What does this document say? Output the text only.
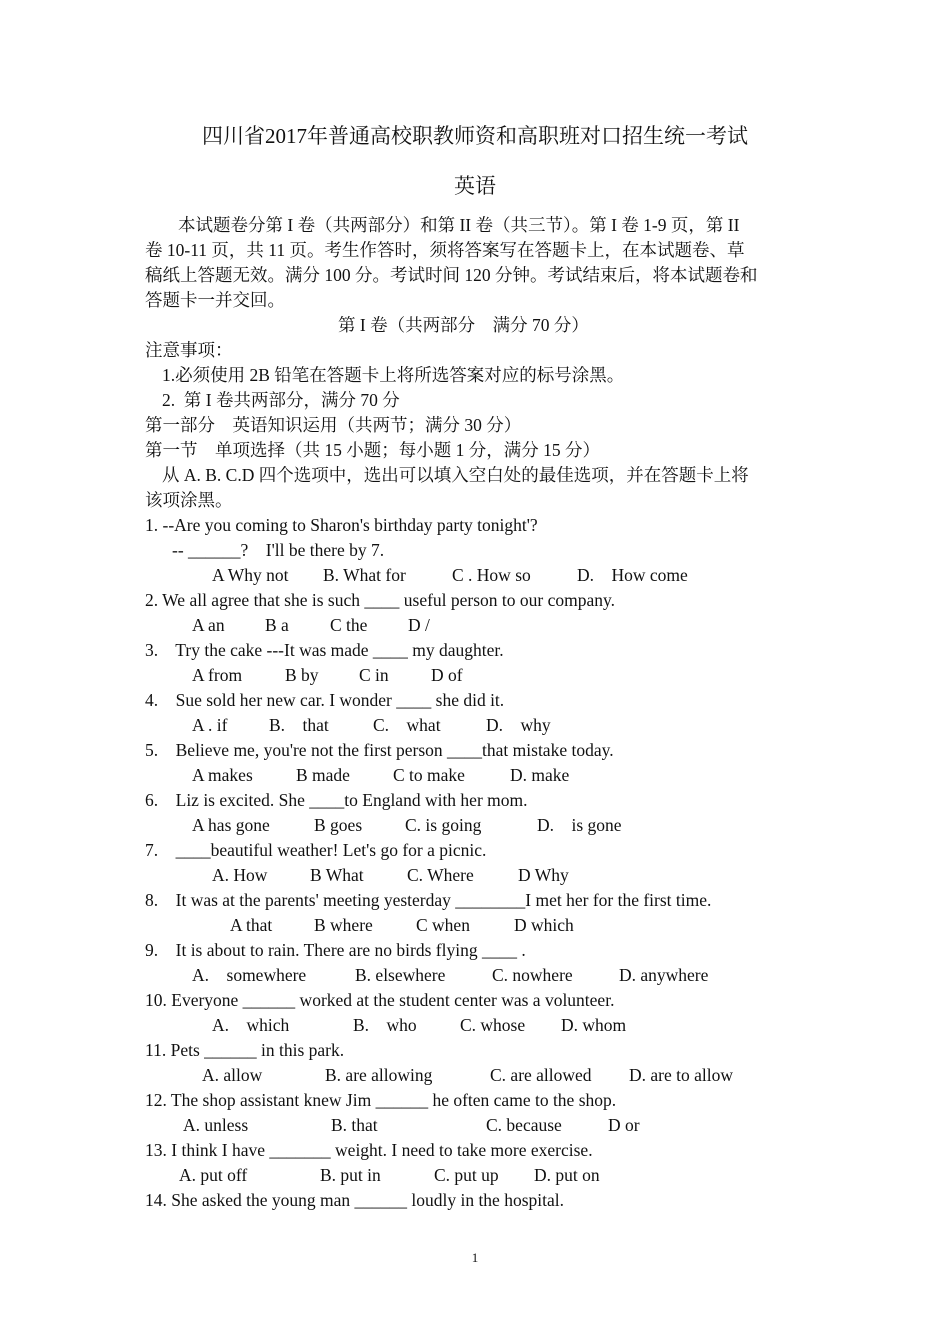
四川省2017年普通高校职教师资和高职班对口招生统一考试
英语
本试题卷分第 I 卷（共两部分）和第 II 卷（共三节）。第 I 卷 1-9 页，第 II
卷 10-11 页，共 11 页。考生作答时，须将答案写在答题卡上，在本试题卷、草
稿纸上答题无效。满分 100 分。考试时间 120 分钟。考试结束后，将本试题卷和
答题卡一并交回。
第 I 卷（共两部分    满分 70 分）
注意事项：
1.必须使用 2B 铅笔在答题卡上将所选答案对应的标号涂黑。
2.  第 I 卷共两部分，满分 70 分
第一部分    英语知识运用（共两节；满分 30 分）
第一节    单项选择（共 15 小题；每小题 1 分，满分 15 分）
从 A. B. C.D 四个选项中，选出可以填入空白处的最佳选项，并在答题卡上将
该项涂黑。
1. --Are you coming to Sharon's birthday party tonight'?
-- ______?    I'll be there by 7.
A Why not B. What for	C . How so	D.    How come
2. We all agree that she is such ____ useful person to our company.
A an B a C the D /
3.    Try the cake ---It was made ____ my daughter.
A from B by C in D of
4.    Sue sold her new car. I wonder ____ she did it.
A . if B.    that	C.    what	D.    why
5.    Believe me, you're not the first person ____that mistake today.
A makes B made C to make	D. make
6.    Liz is excited. She ____to England with her mom.
A has gone	B goes C. is going	D.    is gone
7.    ____beautiful weather! Let's go for a picnic.
A. How B What C. Where	D Why
8.    It was at the parents' meeting yesterday ________I met her for the first time.
A that B where C when	D which
9.    It is about to rain. There are no birds flying ____ .
A.    somewhere	B. elsewhere	C. nowhere	D. anywhere
10. Everyone ______ worked at the student center was a volunteer.
A.    which	B.    who C. whose D. whom
11. Pets ______ in this park.
A. allow	B. are allowing	C. are allowed D. are to allow
12. The shop assistant knew Jim ______ he often came to the shop.
A. unless	B. that	C. because	D or
13. I think I have _______ weight. I need to take more exercise.
A. put off	B. put in	C. put up D. put on
14. She asked the young man ______ loudly in the hospital.
1
